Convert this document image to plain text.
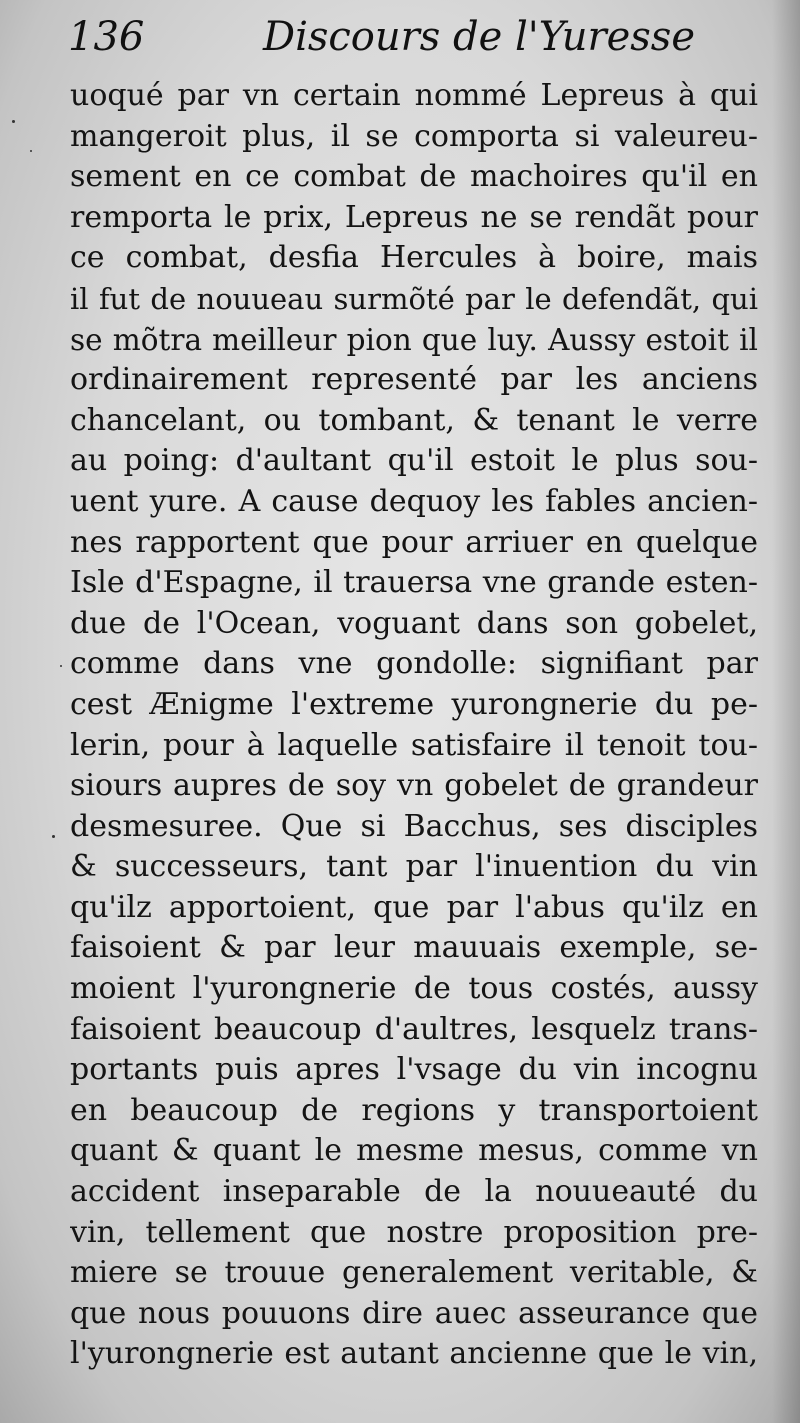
136	Discours de l'Yuresse
uoqué par vn certain nommé Lepreus à qui
mangeroit plus, il se comporta si valeureu-
sement en ce combat de machoires qu'il en
remporta le prix, Lepreus ne se rendãt pour
ce combat, desfia Hercules à boire, mais
il fut de nouueau surmõté par le defendãt, qui
se mõtra meilleur pion que luy. Aussy estoit il
ordinairement representé par les anciens
chancelant, ou tombant, & tenant le verre
au poing: d'aultant qu'il estoit le plus sou-
uent yure. A cause dequoy les fables ancien-
nes rapportent que pour arriuer en quelque
Isle d'Espagne, il trauersa vne grande esten-
due de l'Ocean, voguant dans son gobelet,
comme dans vne gondolle: signifiant par
cest Ænigme l'extreme yurongnerie du pe-
lerin, pour à laquelle satisfaire il tenoit tou-
siours aupres de soy vn gobelet de grandeur
desmesuree. Que si Bacchus, ses disciples
& successeurs, tant par l'inuention du vin
qu'ilz apportoient, que par l'abus qu'ilz en
faisoient & par leur mauuais exemple, se-
moient l'yurongnerie de tous costés, aussy
faisoient beaucoup d'aultres, lesquelz trans-
portants puis apres l'vsage du vin incognu
en beaucoup de regions y transportoient
quant & quant le mesme mesus, comme vn
accident inseparable de la nouueauté du
vin, tellement que nostre proposition pre-
miere se trouue generalement veritable, &
que nous pouuons dire auec asseurance que
l'yurongnerie est autant ancienne que le vin,
